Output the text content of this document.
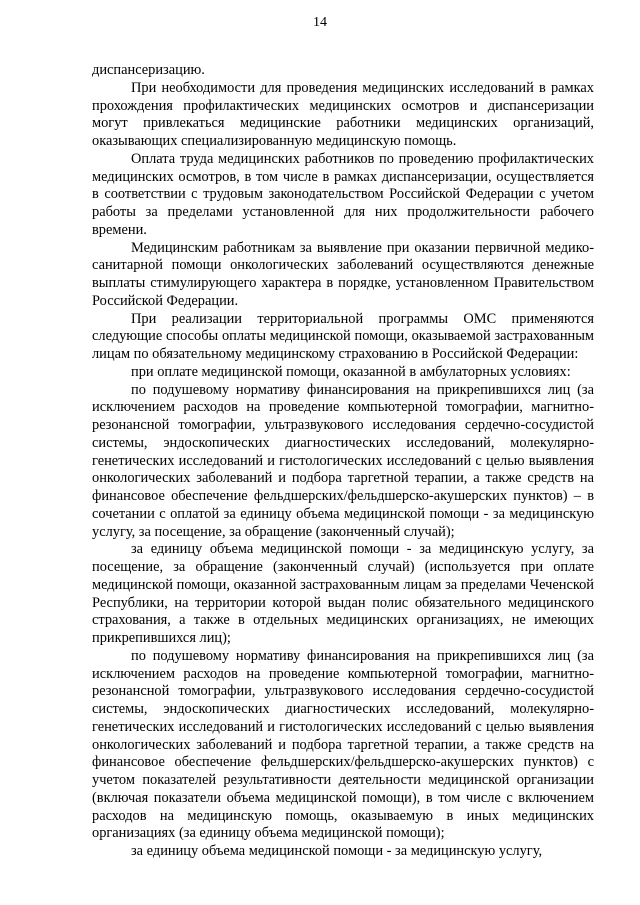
14

диспансеризацию.

При необходимости для проведения медицинских исследований в рамках прохождения профилактических медицинских осмотров и диспансеризации могут привлекаться медицинские работники медицинских организаций, оказывающих специализированную медицинскую помощь.

Оплата труда медицинских работников по проведению профилактических медицинских осмотров, в том числе в рамках диспансеризации, осуществляется в соответствии с трудовым законодательством Российской Федерации с учетом работы за пределами установленной для них продолжительности рабочего времени.

Медицинским работникам за выявление при оказании первичной медико-санитарной помощи онкологических заболеваний осуществляются денежные выплаты стимулирующего характера в порядке, установленном Правительством Российской Федерации.

При реализации территориальной программы ОМС применяются следующие способы оплаты медицинской помощи, оказываемой застрахованным лицам по обязательному медицинскому страхованию в Российской Федерации:

при оплате медицинской помощи, оказанной в амбулаторных условиях:

по подушевому нормативу финансирования на прикрепившихся лиц (за исключением расходов на проведение компьютерной томографии, магнитно-резонансной томографии, ультразвукового исследования сердечно-сосудистой системы, эндоскопических диагностических исследований, молекулярно-генетических исследований и гистологических исследований с целью выявления онкологических заболеваний и подбора таргетной терапии, а также средств на финансовое обеспечение фельдшерских/фельдшерско-акушерских пунктов) – в сочетании с оплатой за единицу объема медицинской помощи - за медицинскую услугу, за посещение, за обращение (законченный случай);

за единицу объема медицинской помощи - за медицинскую услугу, за посещение, за обращение (законченный случай) (используется при оплате медицинской помощи, оказанной застрахованным лицам за пределами Чеченской Республики, на территории которой выдан полис обязательного медицинского страхования, а также в отдельных медицинских организациях, не имеющих прикрепившихся лиц);

по подушевому нормативу финансирования на прикрепившихся лиц (за исключением расходов на проведение компьютерной томографии, магнитно-резонансной томографии, ультразвукового исследования сердечно-сосудистой системы, эндоскопических диагностических исследований, молекулярно-генетических исследований и гистологических исследований с целью выявления онкологических заболеваний и подбора таргетной терапии, а также средств на финансовое обеспечение фельдшерских/фельдшерско-акушерских пунктов) с учетом показателей результативности деятельности медицинской организации (включая показатели объема медицинской помощи), в том числе с включением расходов на медицинскую помощь, оказываемую в иных медицинских организациях (за единицу объема медицинской помощи);

за единицу объема медицинской помощи - за медицинскую услугу,
